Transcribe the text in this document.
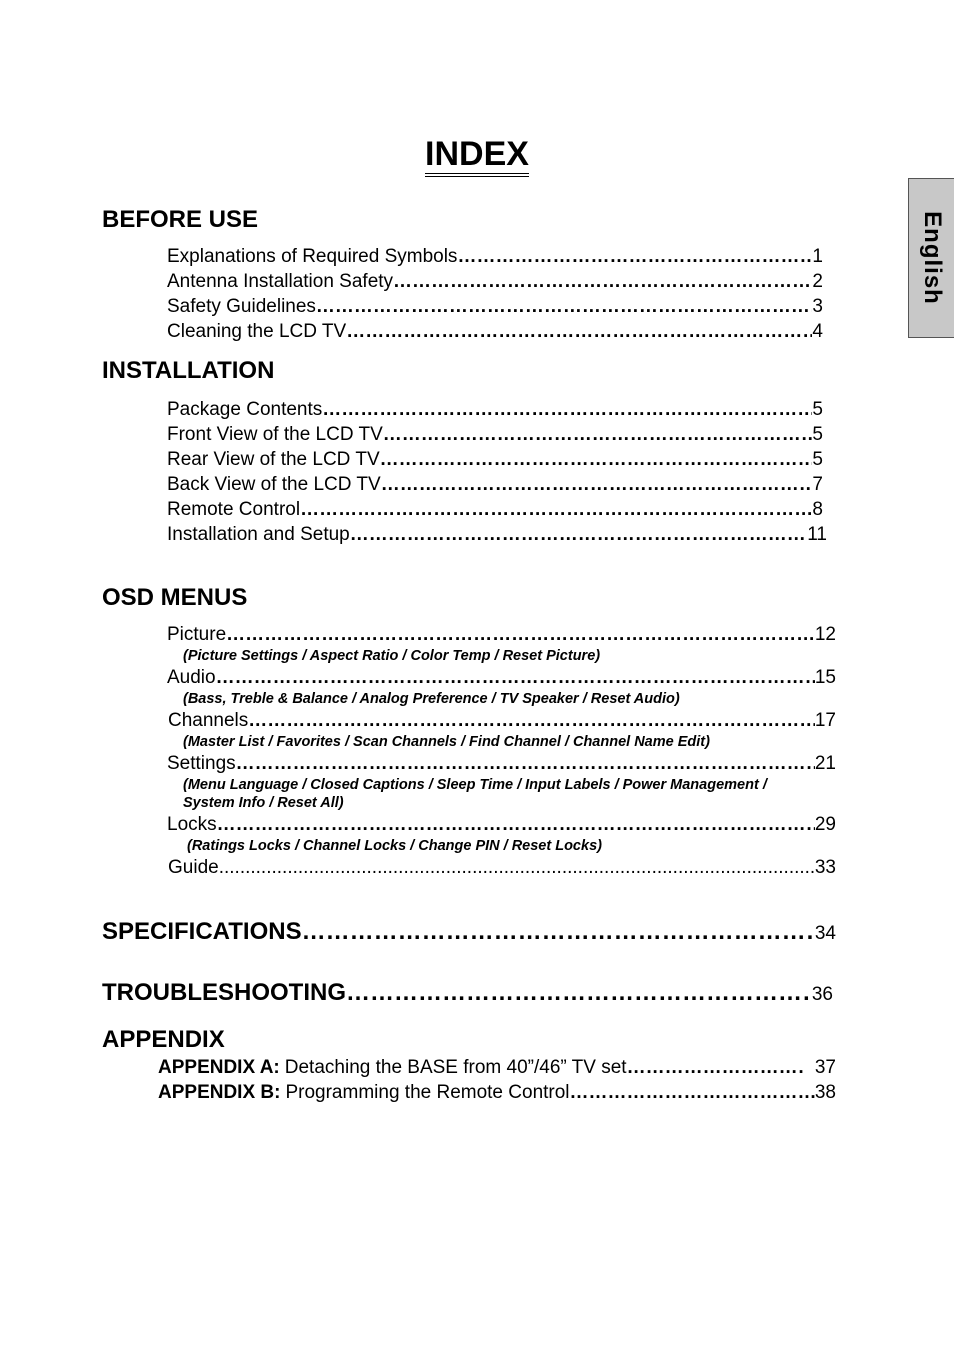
INDEX
English
BEFORE USE
Explanations of Required Symbols ……………………………………………………………………………………………………………………………	1
Antenna Installation Safety ……………………………………………………………………………………………………………………………	2
Safety Guidelines ……………………………………………………………………………………………………………………………	3
Cleaning the LCD TV ……………………………………………………………………………………………………………………………	4
INSTALLATION
Package Contents ……………………………………………………………………………………………………………………………	5
Front View of the LCD TV ……………………………………………………………………………………………………………………………	5
Rear View of the LCD TV ……………………………………………………………………………………………………………………………	5
Back View of the LCD TV ……………………………………………………………………………………………………………………………	7
Remote Control ……………………………………………………………………………………………………………………………	8
Installation and Setup ……………………………………………………………………………………………………………………………	11
OSD MENUS
Picture ……………………………………………………………………………………………………………………………	12
(Picture Settings / Aspect Ratio / Color Temp / Reset Picture)
Audio ……………………………………………………………………………………………………………………………	15
(Bass, Treble & Balance / Analog Preference / TV Speaker / Reset Audio)
Channels ……………………………………………………………………………………………………………………………	17
(Master List / Favorites / Scan Channels / Find Channel / Channel Name Edit)
Settings ……………………………………………………………………………………………………………………………	21
(Menu Language / Closed Captions / Sleep Time / Input Labels / Power Management /
System Info / Reset All)
Locks ……………………………………………………………………………………………………………………………	29
(Ratings Locks / Channel Locks / Change PIN / Reset Locks)
Guide .....	33
SPECIFICATIONS …………………………………………………………………………………………………………	34
TROUBLESHOOTING …………………………………………………………………………………………………………	36
APPENDIX
APPENDIX A: Detaching the BASE from 40”/46” TV set ……………………………………………………………………………………………	37
APPENDIX B: Programming the Remote Control ……………………………………………………………………………………………	38
